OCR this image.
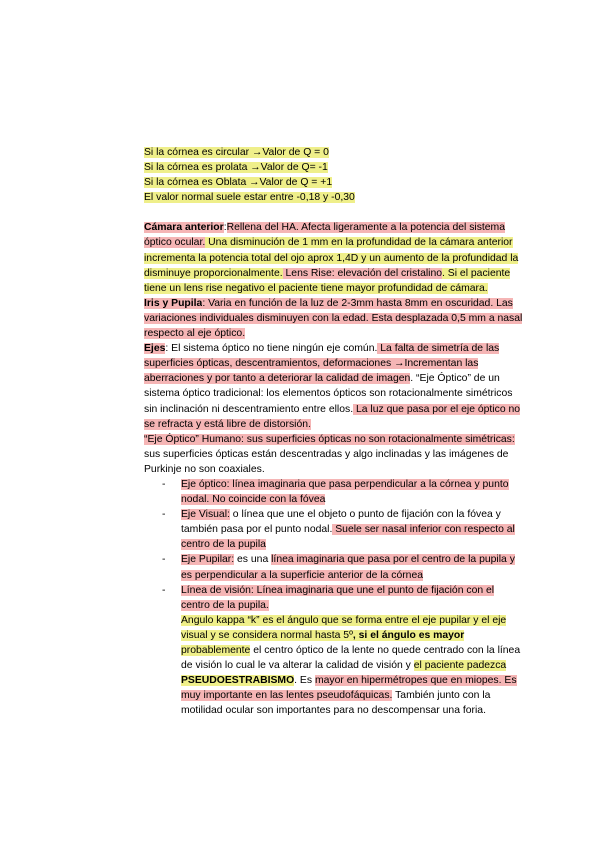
Si la córnea es circular →Valor de Q = 0
Si la córnea es prolata →Valor de Q= -1
Si la córnea es Oblata →Valor de Q = +1
El valor normal suele estar entre -0,18 y -0,30
Cámara anterior:Rellena del HA. Afecta ligeramente a la potencia del sistema óptico ocular. Una disminución de 1 mm en la profundidad de la cámara anterior incrementa la potencia total del ojo aprox 1,4D y un aumento de la profundidad la disminuye proporcionalmente. Lens Rise: elevación del cristalino. Si el paciente tiene un lens rise negativo el paciente tiene mayor profundidad de cámara.
Iris y Pupila: Varia en función de la luz de 2-3mm hasta 8mm en oscuridad. Las variaciones individuales disminuyen con la edad. Esta desplazada 0,5 mm a nasal respecto al eje óptico.
Ejes: El sistema óptico no tiene ningún eje común. La falta de simetría de las superficies ópticas, descentramientos, deformaciones →Incrementan las aberraciones y por tanto a deteriorar la calidad de imagen. “Eje Óptico” de un sistema óptico tradicional: los elementos ópticos son rotacionalmente simétricos sin inclinación ni descentramiento entre ellos. La luz que pasa por el eje óptico no se refracta y está libre de distorsión.
“Eje Óptico” Humano: sus superficies ópticas no son rotacionalmente simétricas: sus superficies ópticas están descentradas y algo inclinadas y las imágenes de Purkinje no son coaxiales.
- Eje óptico: línea imaginaria que pasa perpendicular a la córnea y punto nodal. No coincide con la fóvea
- Eje Visual: o línea que une el objeto o punto de fijación con la fóvea y también pasa por el punto nodal. Suele ser nasal inferior con respecto al centro de la pupila
- Eje Pupilar: es una línea imaginaria que pasa por el centro de la pupila y es perpendicular a la superficie anterior de la córnea
- Línea de visión: Línea imaginaria que une el punto de fijación con el centro de la pupila.
Angulo kappa “k” es el ángulo que se forma entre el eje pupilar y el eje visual y se considera normal hasta 5º, si el ángulo es mayor probablemente el centro óptico de la lente no quede centrado con la línea de visión lo cual le va alterar la calidad de visión y el paciente padezca PSEUDOESTRABISMO. Es mayor en hipermétropes que en miopes. Es muy importante en las lentes pseudofáquicas. También junto con la motilidad ocular son importantes para no descompensar una foria.
